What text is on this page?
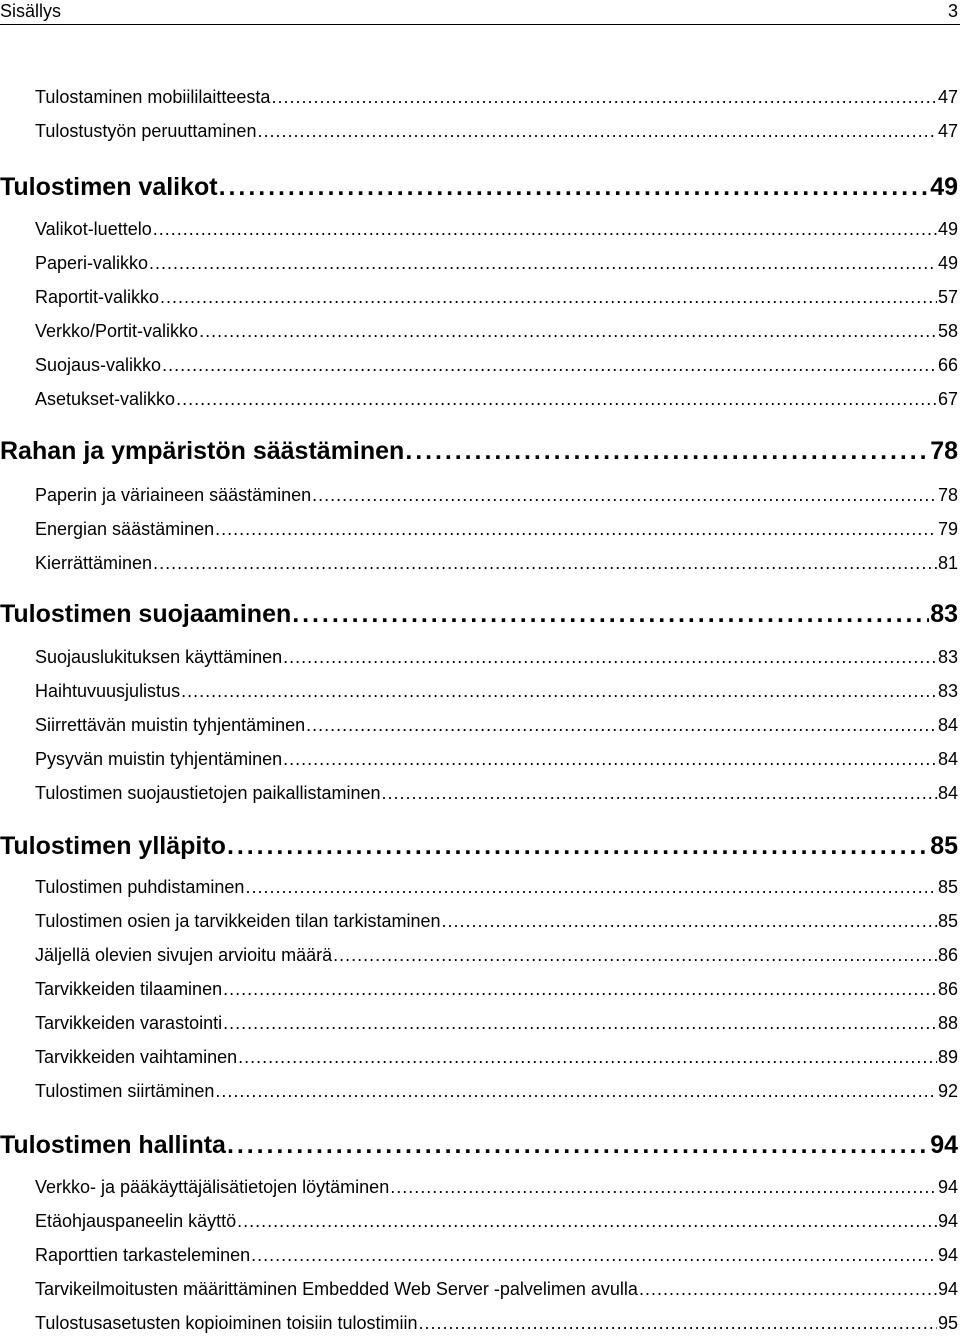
Sisällys	3
Tulostaminen mobiililaitteesta . . .	47
Tulostustyön peruuttaminen . . .	47
Tulostimen valikot . . .	49
Valikot-luettelo . . .	49
Paperi-valikko . . .	49
Raportit-valikko . . .	57
Verkko/Portit-valikko . . .	58
Suojaus-valikko . . .	66
Asetukset-valikko . . .	67
Rahan ja ympäristön säästäminen . . .	78
Paperin ja väriaineen säästäminen . . .	78
Energian säästäminen . . .	79
Kierrättäminen . . .	81
Tulostimen suojaaminen . . .	83
Suojauslukituksen käyttäminen . . .	83
Haihtuvuusjulistus . . .	83
Siirrettävän muistin tyhjentäminen . . .	84
Pysyvän muistin tyhjentäminen . . .	84
Tulostimen suojaustietojen paikallistaminen . . .	84
Tulostimen ylläpito . . .	85
Tulostimen puhdistaminen . . .	85
Tulostimen osien ja tarvikkeiden tilan tarkistaminen . . .	85
Jäljellä olevien sivujen arvioitu määrä . . .	86
Tarvikkeiden tilaaminen . . .	86
Tarvikkeiden varastointi . . .	88
Tarvikkeiden vaihtaminen . . .	89
Tulostimen siirtäminen . . .	92
Tulostimen hallinta . . .	94
Verkko- ja pääkäyttäjälisätietojen löytäminen . . .	94
Etäohjauspaneelin käyttö . . .	94
Raporttien tarkasteleminen . . .	94
Tarvikeilmoitusten määrittäminen Embedded Web Server -palvelimen avulla . . .	94
Tulostusasetusten kopioiminen toisiin tulostimiin . . .	95
